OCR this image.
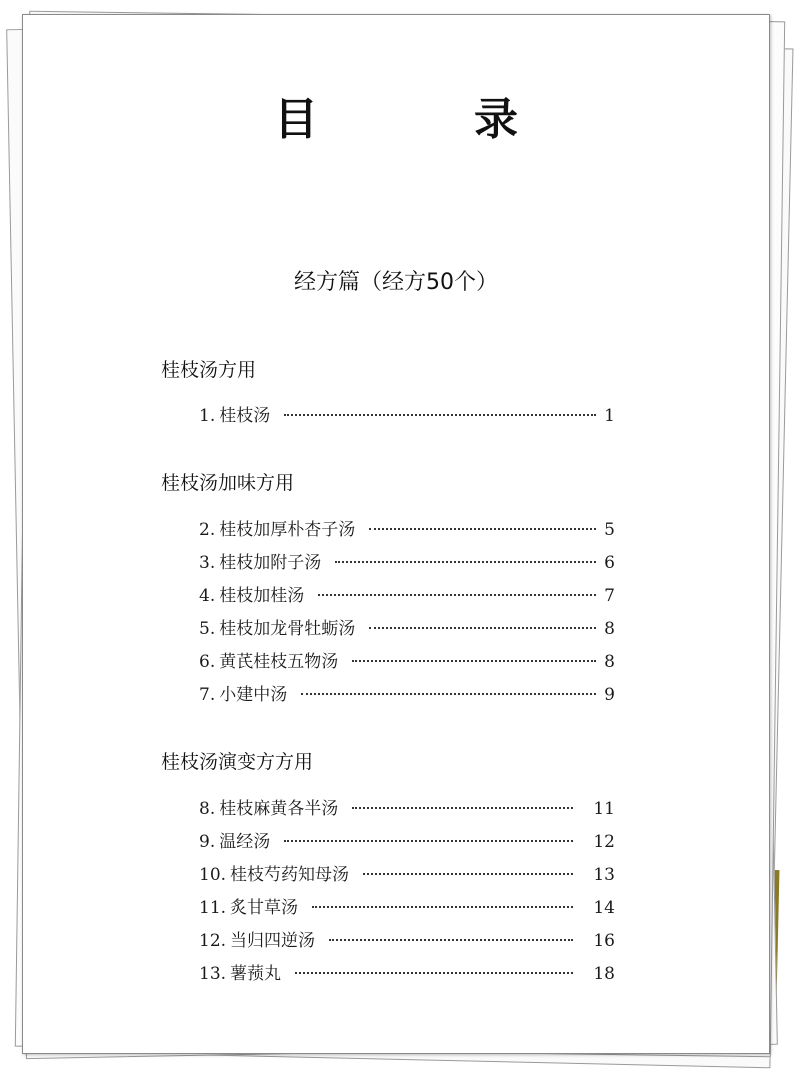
目　录
经方篇（经方50个）
桂枝汤方用
1. 桂枝汤	1
桂枝汤加味方用
2. 桂枝加厚朴杏子汤	5
3. 桂枝加附子汤	6
4. 桂枝加桂汤	7
5. 桂枝加龙骨牡蛎汤	8
6. 黄芪桂枝五物汤	8
7. 小建中汤	9
桂枝汤演变方方用
8. 桂枝麻黄各半汤	11
9. 温经汤	12
10. 桂枝芍药知母汤	13
11. 炙甘草汤	14
12. 当归四逆汤	16
13. 薯蓣丸	18
